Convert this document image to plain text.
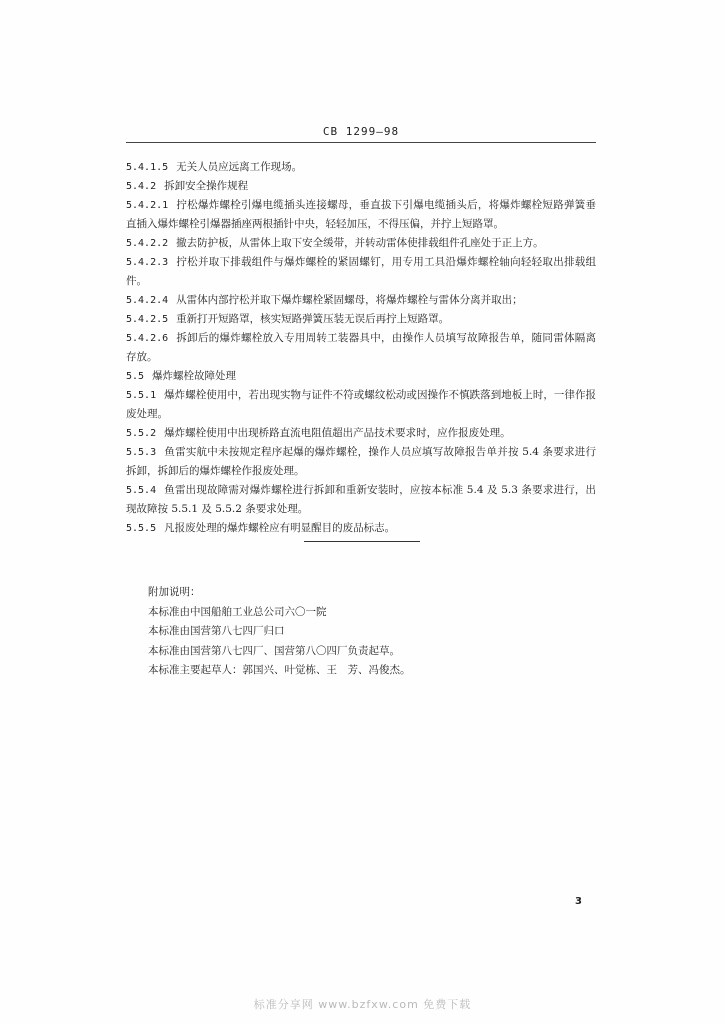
CB 1299—98

5.4.1.5 无关人员应远离工作现场。

5.4.2 拆卸安全操作规程

5.4.2.1 拧松爆炸螺栓引爆电缆插头连接螺母，垂直拔下引爆电缆插头后，将爆炸螺栓短路弹簧垂直插入爆炸螺栓引爆器插座两根插针中央，轻轻加压，不得压偏，并拧上短路罩。

5.4.2.2 撤去防护板，从雷体上取下安全缓带，并转动雷体使排载组件孔座处于正上方。

5.4.2.3 拧松并取下排载组件与爆炸螺栓的紧固螺钉，用专用工具沿爆炸螺栓轴向轻轻取出排载组件。

5.4.2.4 从雷体内部拧松并取下爆炸螺栓紧固螺母，将爆炸螺栓与雷体分离并取出；

5.4.2.5 重新打开短路罩，核实短路弹簧压装无误后再拧上短路罩。

5.4.2.6 拆卸后的爆炸螺栓放入专用周转工装器具中，由操作人员填写故障报告单，随同雷体隔离存放。

5.5 爆炸螺栓故障处理

5.5.1 爆炸螺栓使用中，若出现实物与证件不符或螺纹松动或因操作不慎跌落到地板上时，一律作报废处理。

5.5.2 爆炸螺栓使用中出现桥路直流电阻值超出产品技术要求时，应作报废处理。

5.5.3 鱼雷实航中未按规定程序起爆的爆炸螺栓，操作人员应填写故障报告单并按 5.4 条要求进行拆卸，拆卸后的爆炸螺栓作报废处理。

5.5.4 鱼雷出现故障需对爆炸螺栓进行拆卸和重新安装时，应按本标准 5.4 及 5.3 条要求进行，出现故障按 5.5.1 及 5.5.2 条要求处理。

5.5.5 凡报废处理的爆炸螺栓应有明显醒目的废品标志。

附加说明：

本标准由中国船舶工业总公司六〇一院

本标准由国营第八七四厂归口

本标准由国营第八七四厂、国营第八〇四厂负责起草。

本标准主要起草人：郭国兴、叶觉栋、王　芳、冯俊杰。

3
标准分享网 www.bzfxw.com 免费下载
